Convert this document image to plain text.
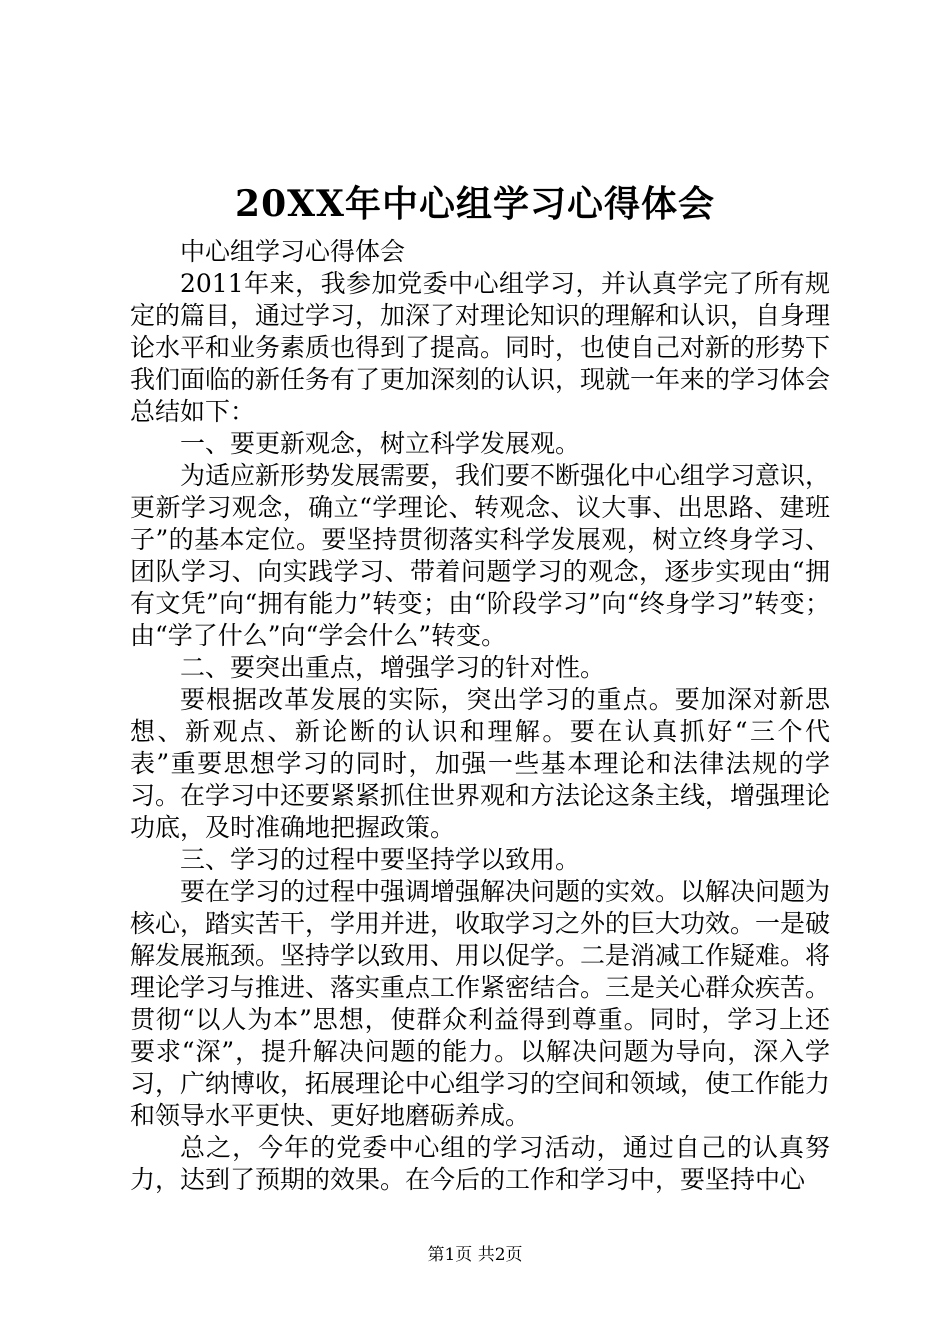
20XX年中心组学习心得体会

中心组学习心得体会

2011年来，我参加党委中心组学习，并认真学完了所有规定的篇目，通过学习，加深了对理论知识的理解和认识，自身理论水平和业务素质也得到了提高。同时，也使自己对新的形势下我们面临的新任务有了更加深刻的认识，现就一年来的学习体会总结如下：

一、要更新观念，树立科学发展观。

为适应新形势发展需要，我们要不断强化中心组学习意识，更新学习观念，确立“学理论、转观念、议大事、出思路、建班子”的基本定位。要坚持贯彻落实科学发展观，树立终身学习、团队学习、向实践学习、带着问题学习的观念，逐步实现由“拥有文凭”向“拥有能力”转变；由“阶段学习”向“终身学习”转变；由“学了什么”向“学会什么”转变。

二、要突出重点，增强学习的针对性。

要根据改革发展的实际，突出学习的重点。要加深对新思想、新观点、新论断的认识和理解。要在认真抓好“三个代表”重要思想学习的同时，加强一些基本理论和法律法规的学习。在学习中还要紧紧抓住世界观和方法论这条主线，增强理论功底，及时准确地把握政策。

三、学习的过程中要坚持学以致用。

要在学习的过程中强调增强解决问题的实效。以解决问题为核心，踏实苦干，学用并进，收取学习之外的巨大功效。一是破解发展瓶颈。坚持学以致用、用以促学。二是消减工作疑难。将理论学习与推进、落实重点工作紧密结合。三是关心群众疾苦。贯彻“以人为本”思想，使群众利益得到尊重。同时，学习上还要求“深”，提升解决问题的能力。以解决问题为导向，深入学习，广纳博收，拓展理论中心组学习的空间和领域，使工作能力和领导水平更快、更好地磨砺养成。

总之，今年的党委中心组的学习活动，通过自己的认真努力，达到了预期的效果。在今后的工作和学习中，要坚持中心

第1页 共2页
